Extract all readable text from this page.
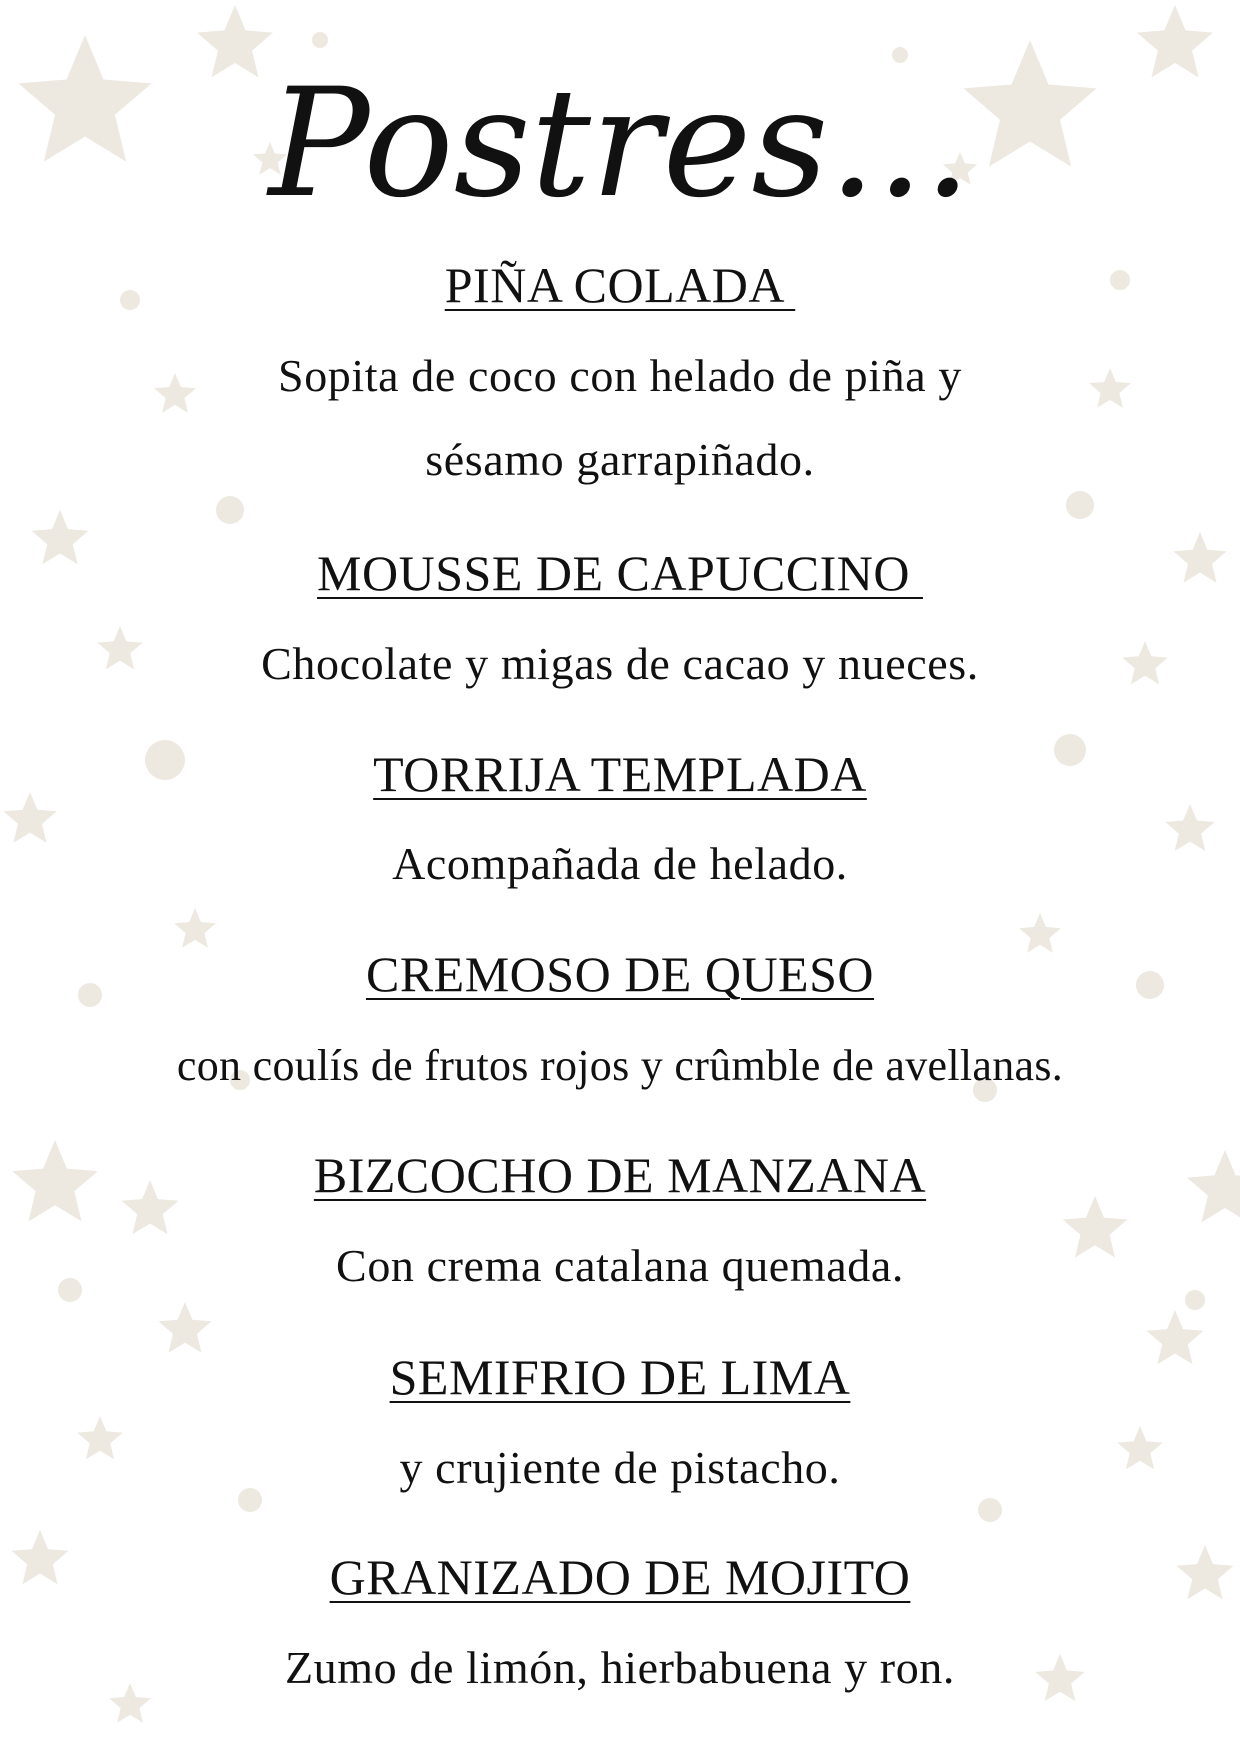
Postres...
PIÑA COLADA
Sopita de coco con helado de piña y
sésamo garrapiñado.
MOUSSE DE CAPUCCINO
Chocolate y migas de cacao y nueces.
TORRIJA TEMPLADA
Acompañada de helado.
CREMOSO DE QUESO
con coulís de frutos rojos y crûmble de avellanas.
BIZCOCHO DE MANZANA
Con crema catalana quemada.
SEMIFRIO DE LIMA
y crujiente de pistacho.
GRANIZADO DE MOJITO
Zumo de limón, hierbabuena y ron.
